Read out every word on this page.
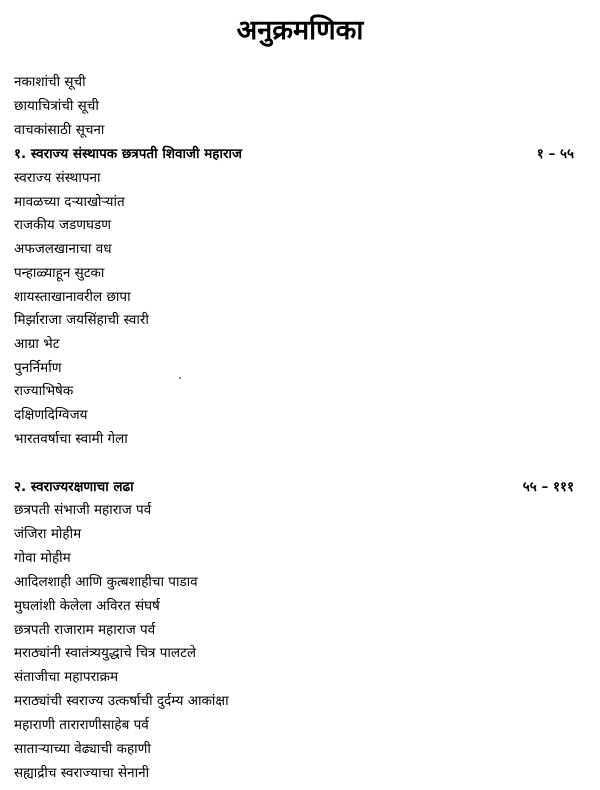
अनुक्रमणिका
नकाशांची सूची
छायाचित्रांची सूची
वाचकांसाठी सूचना
१. स्वराज्य संस्थापक छत्रपती शिवाजी महाराज	१ – ५५
स्वराज्य संस्थापना
मावळच्या दऱ्याखोऱ्यांत
राजकीय जडणघडण
अफजलखानाचा वध
पन्हाळ्याहून सुटका
शायस्ताखानावरील छापा
मिर्झाराजा जयसिंहाची स्वारी
आग्रा भेट
पुनर्निर्माण
राज्याभिषेक
दक्षिणदिग्विजय
भारतवर्षाचा स्वामी गेला
२. स्वराज्यरक्षणाचा लढा	५५ – १११
छत्रपती संभाजी महाराज पर्व
जंजिरा मोहीम
गोवा मोहीम
आदिलशाही आणि कुत्बशाहीचा पाडाव
मुघलांशी केलेला अविरत संघर्ष
छत्रपती राजाराम महाराज पर्व
मराठ्यांनी स्वातंत्र्ययुद्धाचे चित्र पालटले
संताजीचा महापराक्रम
मराठ्यांची स्वराज्य उत्कर्षाची दुर्दम्य आकांक्षा
महाराणी ताराराणीसाहेब पर्व
साताऱ्याच्या वेढ्याची कहाणी
सह्याद्रीच स्वराज्याचा सेनानी
